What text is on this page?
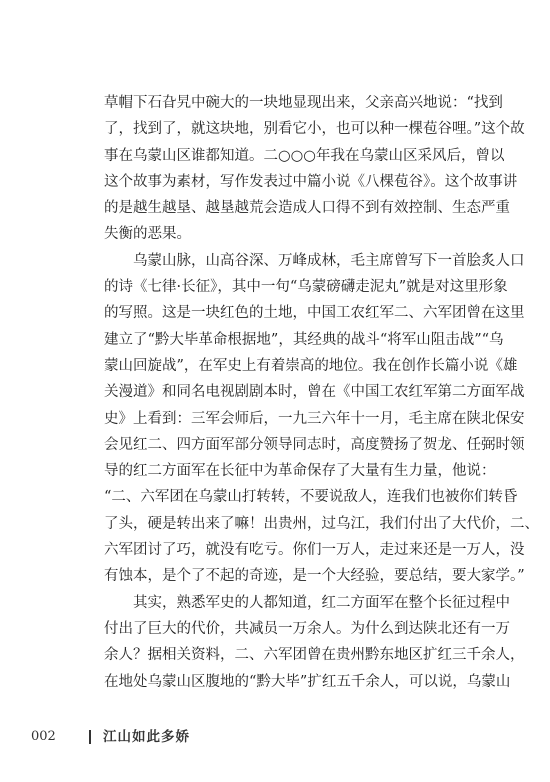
草帽下石旮旯中碗大的一块地显现出来，父亲高兴地说：“找到
了，找到了，就这块地，别看它小，也可以种一棵苞谷哩。”这个故
事在乌蒙山区谁都知道。二○○○年我在乌蒙山区采风后，曾以
这个故事为素材，写作发表过中篇小说《八棵苞谷》。这个故事讲
的是越生越垦、越垦越荒会造成人口得不到有效控制、生态严重
失衡的恶果。
乌蒙山脉，山高谷深、万峰成林，毛主席曾写下一首脍炙人口
的诗《七律·长征》，其中一句“乌蒙磅礴走泥丸”就是对这里形象
的写照。这是一块红色的土地，中国工农红军二、六军团曾在这里
建立了“黔大毕革命根据地”，其经典的战斗“将军山阻击战”“乌
蒙山回旋战”，在军史上有着崇高的地位。我在创作长篇小说《雄
关漫道》和同名电视剧剧本时，曾在《中国工农红军第二方面军战
史》上看到：三军会师后，一九三六年十一月，毛主席在陕北保安
会见红二、四方面军部分领导同志时，高度赞扬了贺龙、任弼时领
导的红二方面军在长征中为革命保存了大量有生力量，他说：
“二、六军团在乌蒙山打转转，不要说敌人，连我们也被你们转昏
了头，硬是转出来了嘛！出贵州，过乌江，我们付出了大代价，二、
六军团讨了巧，就没有吃亏。你们一万人，走过来还是一万人，没
有蚀本，是个了不起的奇迹，是一个大经验，要总结，要大家学。”
其实，熟悉军史的人都知道，红二方面军在整个长征过程中
付出了巨大的代价，共减员一万余人。为什么到达陕北还有一万
余人？据相关资料，二、六军团曾在贵州黔东地区扩红三千余人，
在地处乌蒙山区腹地的“黔大毕”扩红五千余人，可以说，乌蒙山
002	江山如此多娇
